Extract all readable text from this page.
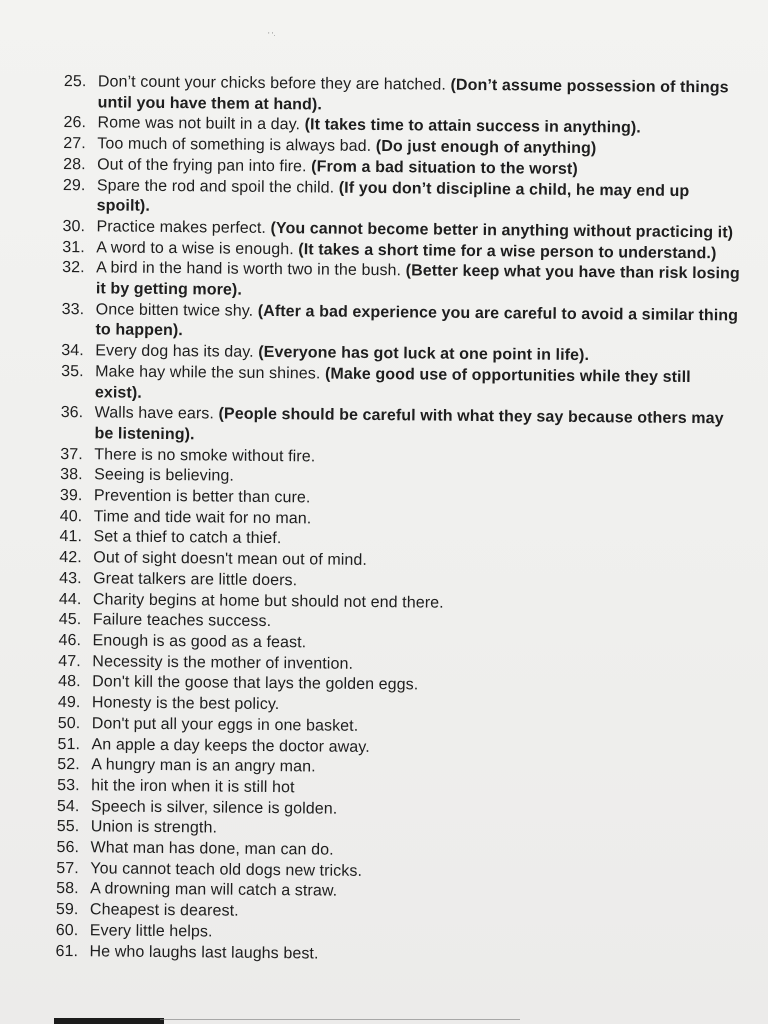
' '·
25. Don’t count your chicks before they are hatched. (Don’t assume possession of things until you have them at hand).
26. Rome was not built in a day. (It takes time to attain success in anything).
27. Too much of something is always bad. (Do just enough of anything)
28. Out of the frying pan into fire. (From a bad situation to the worst)
29. Spare the rod and spoil the child. (If you don’t discipline a child, he may end up spoilt).
30. Practice makes perfect. (You cannot become better in anything without practicing it)
31. A word to a wise is enough. (It takes a short time for a wise person to understand.)
32. A bird in the hand is worth two in the bush. (Better keep what you have than risk losing it by getting more).
33. Once bitten twice shy. (After a bad experience you are careful to avoid a similar thing to happen).
34. Every dog has its day. (Everyone has got luck at one point in life).
35. Make hay while the sun shines. (Make good use of opportunities while they still exist).
36. Walls have ears. (People should be careful with what they say because others may be listening).
37. There is no smoke without fire.
38. Seeing is believing.
39. Prevention is better than cure.
40. Time and tide wait for no man.
41. Set a thief to catch a thief.
42. Out of sight doesn't mean out of mind.
43. Great talkers are little doers.
44. Charity begins at home but should not end there.
45. Failure teaches success.
46. Enough is as good as a feast.
47. Necessity is the mother of invention.
48. Don't kill the goose that lays the golden eggs.
49. Honesty is the best policy.
50. Don't put all your eggs in one basket.
51. An apple a day keeps the doctor away.
52. A hungry man is an angry man.
53. hit the iron when it is still hot
54. Speech is silver, silence is golden.
55. Union is strength.
56. What man has done, man can do.
57. You cannot teach old dogs new tricks.
58. A drowning man will catch a straw.
59. Cheapest is dearest.
60. Every little helps.
61. He who laughs last laughs best.
